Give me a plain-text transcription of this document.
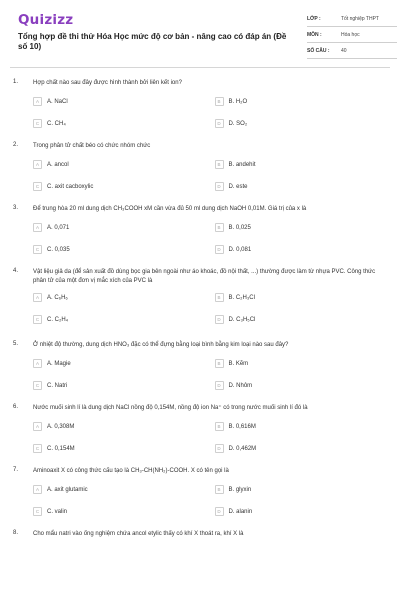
Quizizz
Tổng hợp đề thi thử Hóa Học mức độ cơ bản - nâng cao có đáp án (Đề số 10)
LỚP :	Tốt nghiệp THPT
MÔN :	Hóa học
SỐ CÂU :	40
1. Hợp chất nào sau đây được hình thành bởi liên kết ion?
A	A. NaCl	B	B. H₂O
C	C. CH₄	D	D. SO₂
2. Trong phân tử chất béo có chức nhóm chức
A	A. ancol	B	B. andehit
C	C. axit cacboxylic	D	D. este
3. Để trung hòa 20 ml dung dịch CH₃COOH xM cần vừa đủ 50 ml dung dịch NaOH 0,01M. Giá trị của x là
A	A. 0,071	B	B. 0,025
C	C. 0,035	D	D. 0,081
4. Vật liệu giả da (để sản xuất đồ dùng bọc gia bên ngoài như áo khoác, đồ nội thất, ...) thường được làm từ nhựa PVC. Công thức phân tử của một đơn vị mắc xích của PVC là
A	A. C₆H₆	B	B. C₂H₃Cl
C	C. C₂H₄	D	D. C₃H₅Cl
5. Ở nhiệt độ thường, dung dịch HNO₃ đặc có thể đựng bằng loại bình bằng kim loại nào sau đây?
A	A. Magie	B	B. Kẽm
C	C. Natri	D	D. Nhôm
6. Nước muối sinh lí là dung dịch NaCl nồng độ 0,154M, nồng độ ion Na⁺ có trong nước muối sinh lí đó là
A	A. 0,308M	B	B. 0,616M
C	C. 0,154M	D	D. 0,462M
7. Aminoaxit X có công thức cấu tạo là CH₃-CH(NH₂)-COOH. X có tên gọi là
A	A. axit glutamic	B	B. glyxin
C	C. valin	D	D. alanin
8. Cho mẩu natri vào ống nghiệm chứa ancol etylic thấy có khí X thoát ra, khí X là
